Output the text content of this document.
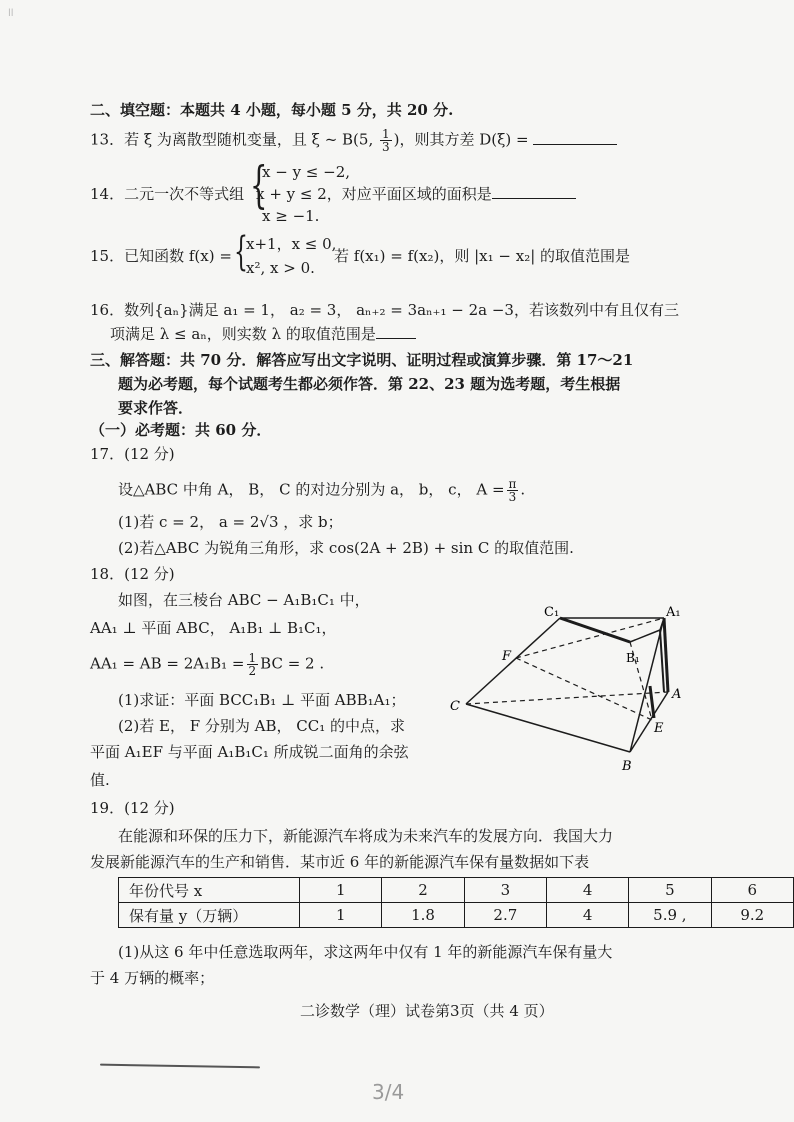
ll
二、填空题：本题共 4 小题，每小题 5 分，共 20 分.
13．若 ξ 为离散型随机变量，且 ξ ~ B(5, $\frac{1}{3}$ )，则其方差 D(ξ) =
{
x − y ≤ −2,
14．二元一次不等式组 x + y ≤ 2，对应平面区域的面积是
x ≥ −1.
15．已知函数 f(x) = {
x+1，x ≤ 0,
x², x > 0.
若 f(x₁) = f(x₂)，则 |x₁ − x₂| 的取值范围是
16．数列{aₙ}满足 a₁ = 1， a₂ = 3， aₙ₊₂ = 3aₙ₊₁ − 2a −3，若该数列中有且仅有三
项满足 λ ≤ aₙ，则实数 λ 的取值范围是
三、解答题：共 70 分．解答应写出文字说明、证明过程或演算步骤．第 17～21
题为必考题，每个试题考生都必须作答．第 22、23 题为选考题，考生根据
要求作答．
（一）必考题：共 60 分．
17．(12 分)
设△ABC 中角 A， B， C 的对边分别为 a， b， c， $A = \frac{\pi}{3}$ .
(1)若 c = 2， a = 2√3 ，求 b；
(2)若△ABC 为锐角三角形，求 cos(2A + 2B) + sin C 的取值范围.
18．(12 分)
如图，在三棱台 ABC − A₁B₁C₁ 中，
AA₁ ⊥ 平面 ABC， A₁B₁ ⊥ B₁C₁，
AA₁ = AB = $2A_1B_1 = \frac{1}{2}$ BC = 2 .
(1)求证：平面 BCC₁B₁ ⊥ 平面 ABB₁A₁；
(2)若 E， F 分别为 AB， CC₁ 的中点，求
平面 A₁EF 与平面 A₁B₁C₁ 所成锐二面角的余弦
值.
C₁	A₁
B₁
F
C
A
E
B
19．(12 分)
在能源和环保的压力下，新能源汽车将成为未来汽车的发展方向．我国大力
发展新能源汽车的生产和销售．某市近 6 年的新能源汽车保有量数据如下表
年份代号 x	1	2	3	4	5	6
保有量 y（万辆）	1	1.8	2.7	4	5.9 ,	9.2
(1)从这 6 年中任意选取两年，求这两年中仅有 1 年的新能源汽车保有量大
于 4 万辆的概率；
二诊数学（理）试卷第3页（共 4 页）
3/4
